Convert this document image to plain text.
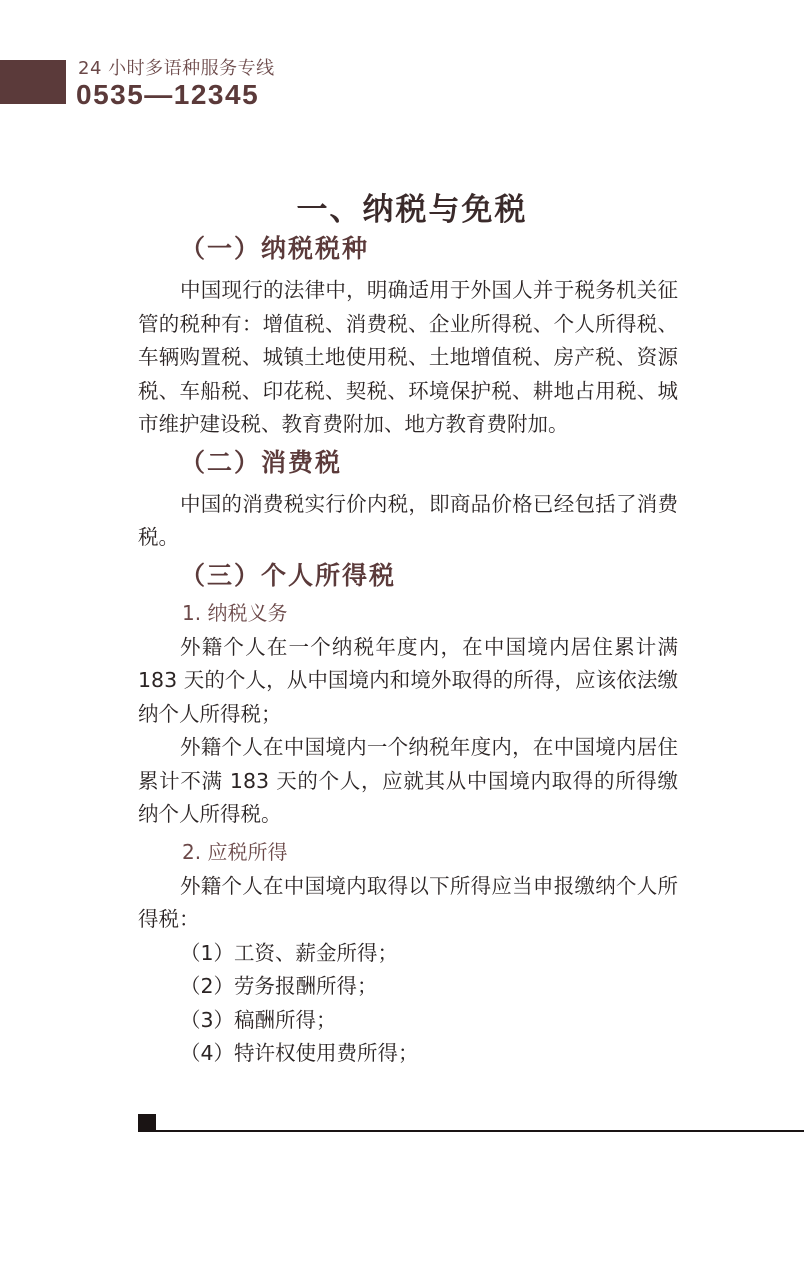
24 小时多语种服务专线
0535—12345
一、纳税与免税
（一）纳税税种

中国现行的法律中，明确适用于外国人并于税务机关征管的税种有：增值税、消费税、企业所得税、个人所得税、车辆购置税、城镇土地使用税、土地增值税、房产税、资源税、车船税、印花税、契税、环境保护税、耕地占用税、城市维护建设税、教育费附加、地方教育费附加。

（二）消费税

中国的消费税实行价内税，即商品价格已经包括了消费税。

（三）个人所得税
1. 纳税义务

外籍个人在一个纳税年度内，在中国境内居住累计满 183 天的个人，从中国境内和境外取得的所得，应该依法缴纳个人所得税；

外籍个人在中国境内一个纳税年度内，在中国境内居住累计不满 183 天的个人，应就其从中国境内取得的所得缴纳个人所得税。

2. 应税所得

外籍个人在中国境内取得以下所得应当申报缴纳个人所得税：

（1）工资、薪金所得；
（2）劳务报酬所得；
（3）稿酬所得；
（4）特许权使用费所得；
